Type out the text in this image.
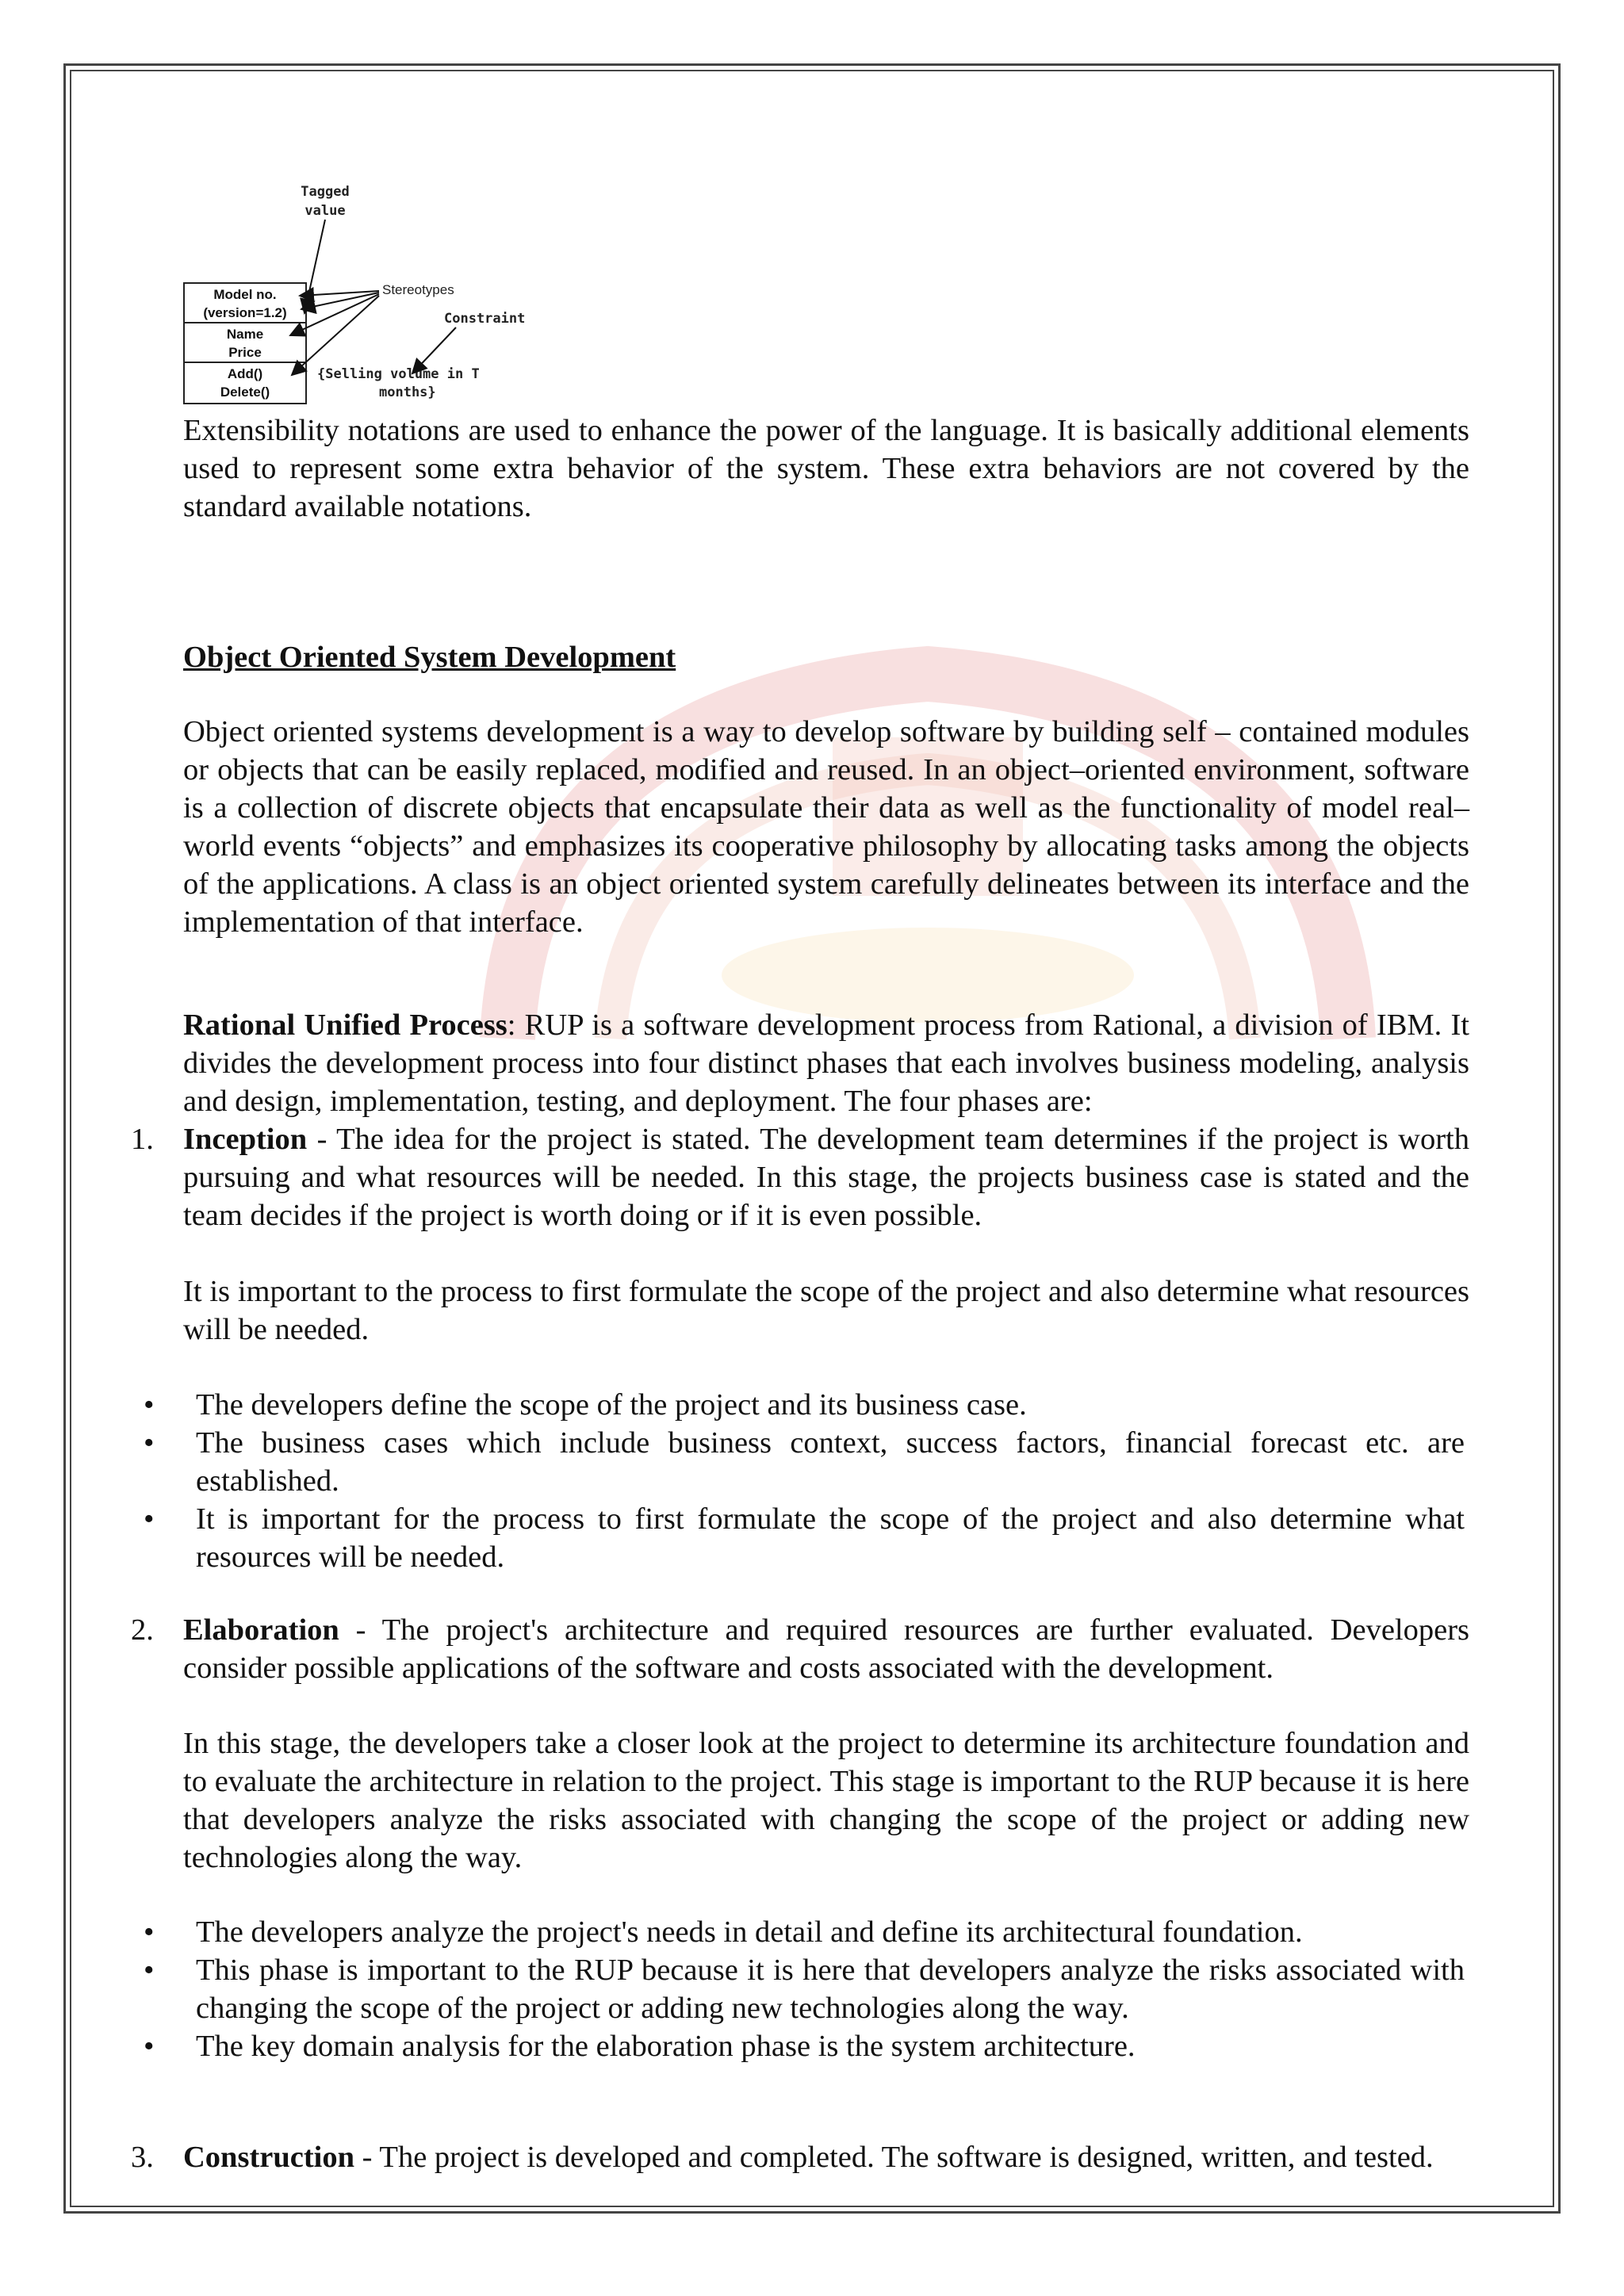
Tagged
value
Stereotypes
Constraint
Model no.
(version=1.2)
Name
Price
Add()
Delete()
{Selling volume in T
months}

Extensibility notations are used to enhance the power of the language. It is basically additional elements used to represent some extra behavior of the system. These extra behaviors are not covered by the standard available notations.

Object Oriented System Development

Object oriented systems development is a way to develop software by building self – contained modules or objects that can be easily replaced, modified and reused. In an object–oriented environment, software is a collection of discrete objects that encapsulate their data as well as the functionality of model real–world events “objects” and emphasizes its cooperative philosophy by allocating tasks among the objects of the applications. A class is an object oriented system carefully delineates between its interface and the implementation of that interface.

Rational Unified Process: RUP is a software development process from Rational, a division of IBM. It divides the development process into four distinct phases that each involves business modeling, analysis and design, implementation, testing, and deployment. The four phases are:

1. Inception - The idea for the project is stated. The development team determines if the project is worth pursuing and what resources will be needed. In this stage, the projects business case is stated and the team decides if the project is worth doing or if it is even possible.

It is important to the process to first formulate the scope of the project and also determine what resources will be needed.

• The developers define the scope of the project and its business case.

• The business cases which include business context, success factors, financial forecast etc. are established.

• It is important for the process to first formulate the scope of the project and also determine what resources will be needed.

2. Elaboration - The project's architecture and required resources are further evaluated. Developers consider possible applications of the software and costs associated with the development.

In this stage, the developers take a closer look at the project to determine its architecture foundation and to evaluate the architecture in relation to the project. This stage is important to the RUP because it is here that developers analyze the risks associated with changing the scope of the project or adding new technologies along the way.

• The developers analyze the project's needs in detail and define its architectural foundation.

• This phase is important to the RUP because it is here that developers analyze the risks associated with changing the scope of the project or adding new technologies along the way.

• The key domain analysis for the elaboration phase is the system architecture.

3. Construction - The project is developed and completed. The software is designed, written, and tested.
